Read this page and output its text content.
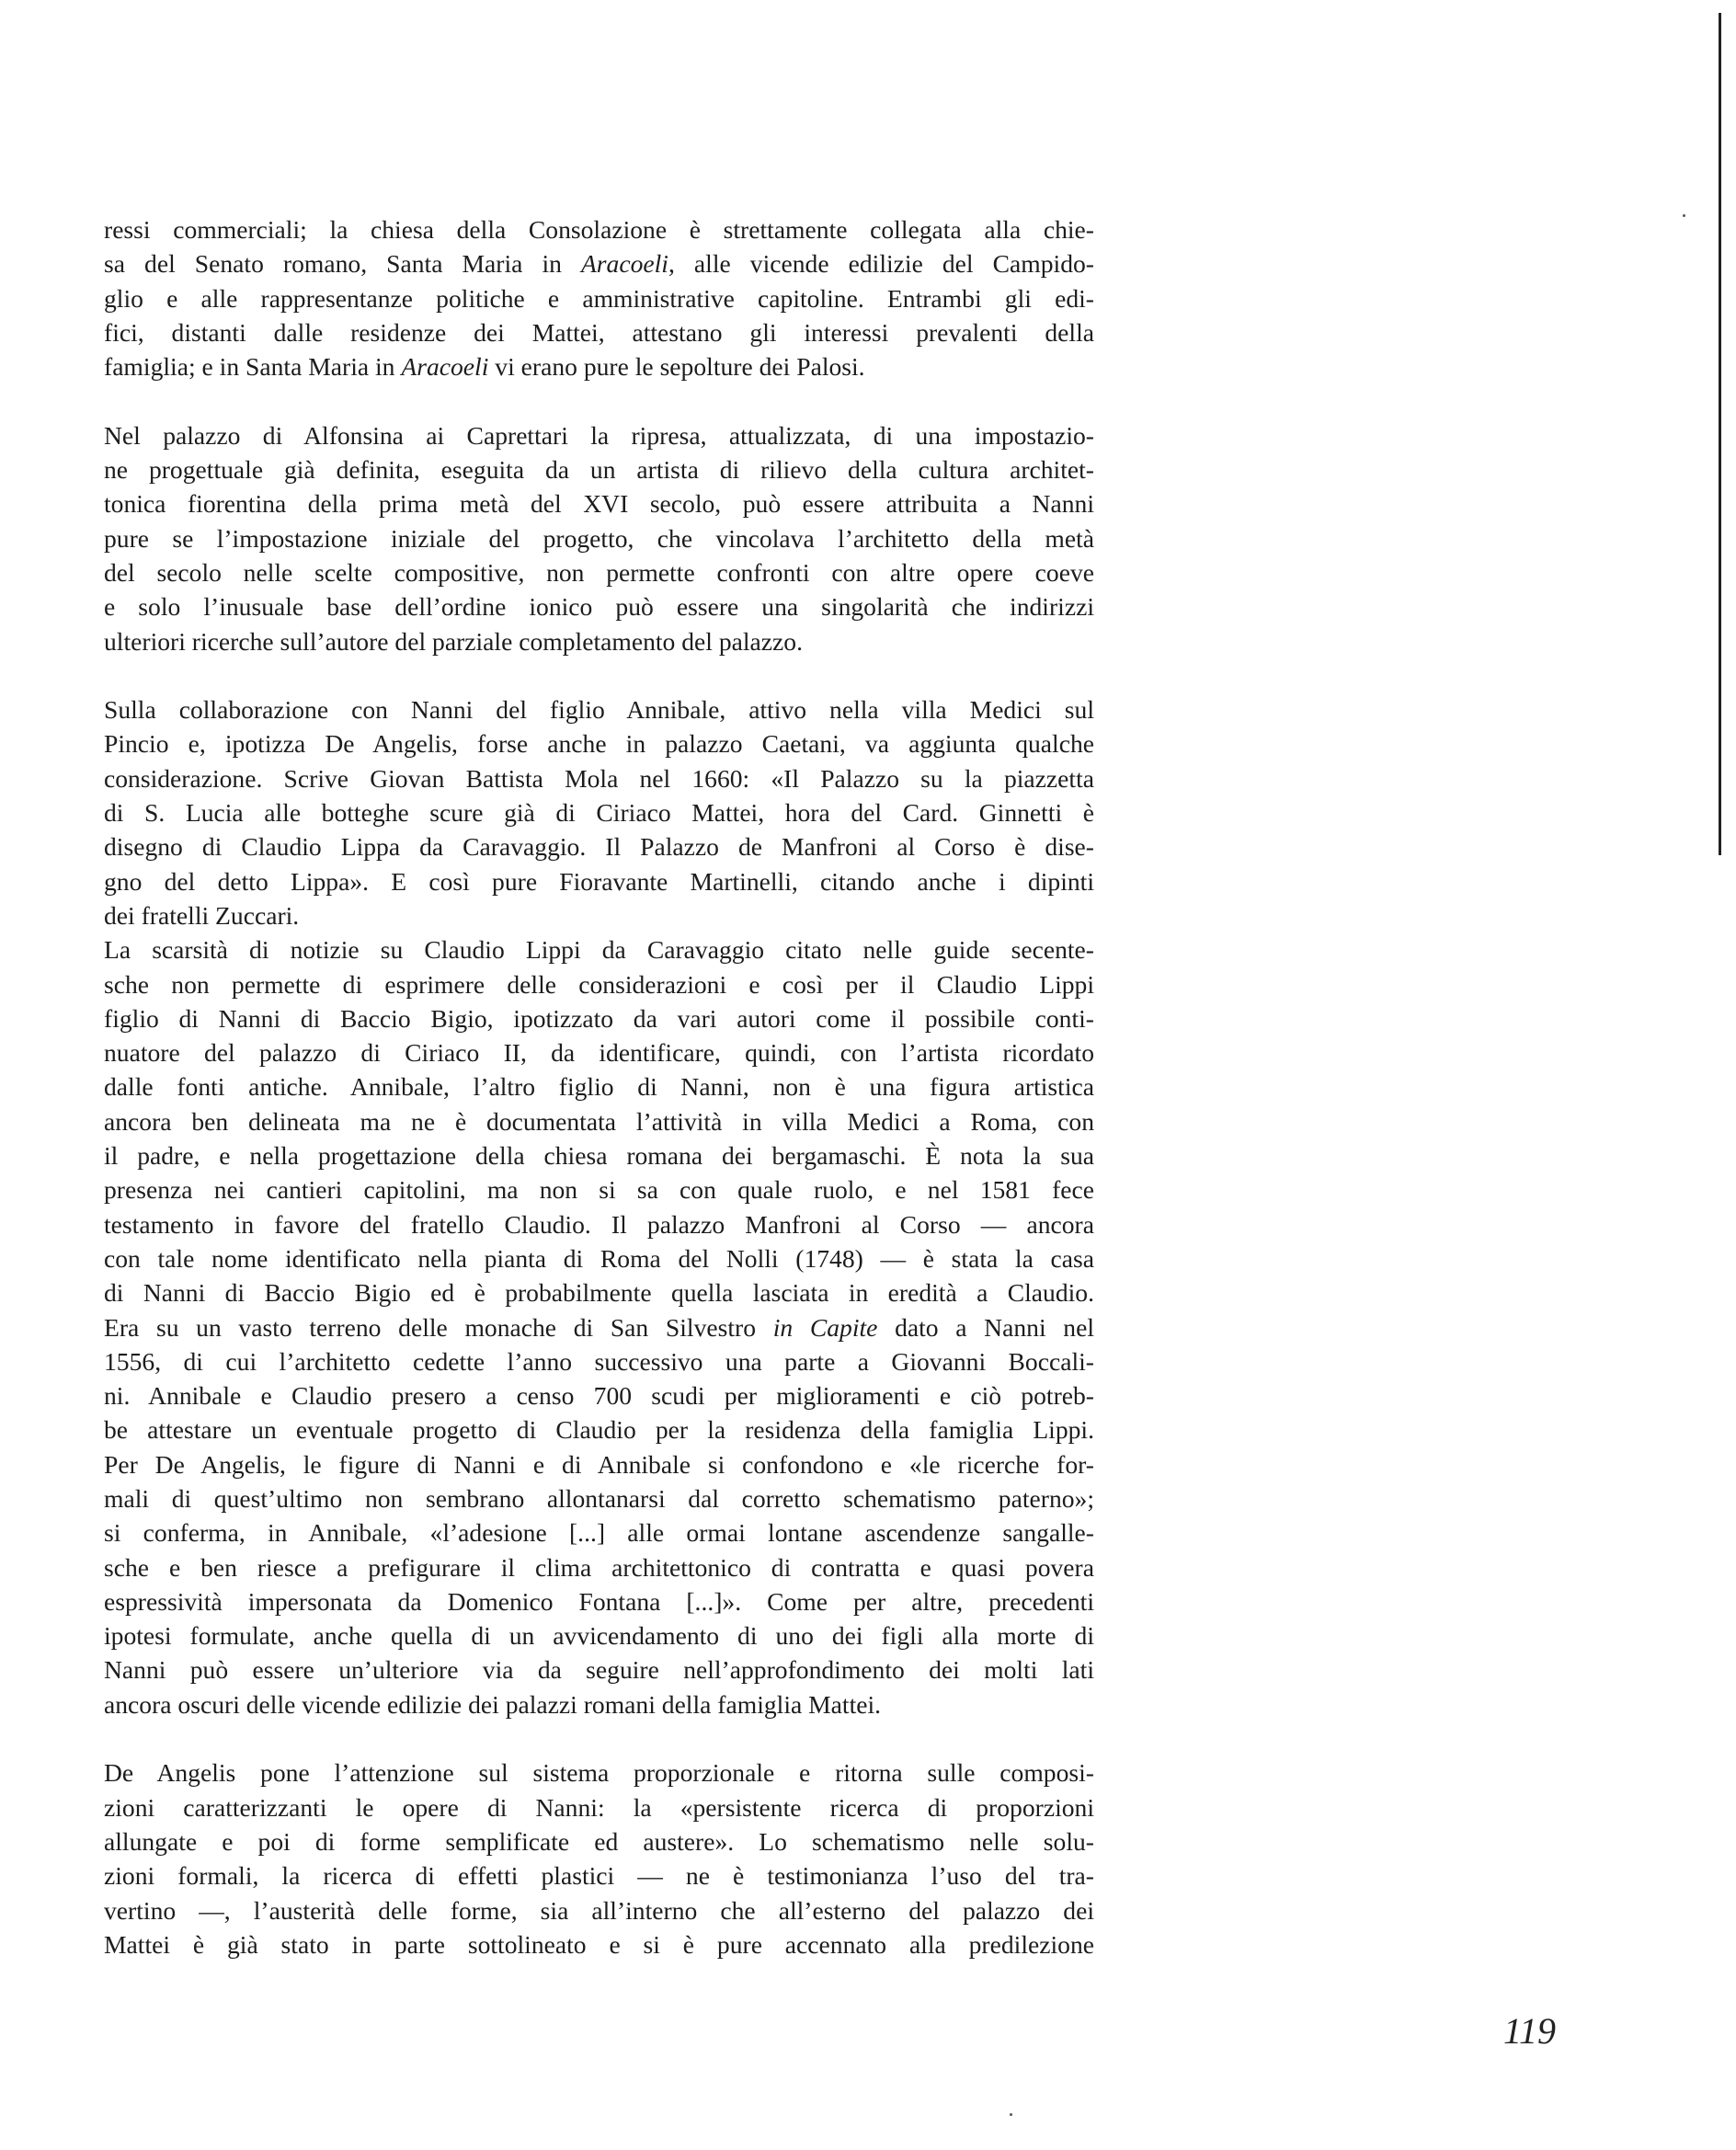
ressi commerciali; la chiesa della Consolazione è strettamente collegata alla chie-
sa del Senato romano, Santa Maria in Aracoeli, alle vicende edilizie del Campido-
glio e alle rappresentanze politiche e amministrative capitoline. Entrambi gli edi-
fici, distanti dalle residenze dei Mattei, attestano gli interessi prevalenti della
famiglia; e in Santa Maria in Aracoeli vi erano pure le sepolture dei Palosi.

Nel palazzo di Alfonsina ai Caprettari la ripresa, attualizzata, di una impostazio-
ne progettuale già definita, eseguita da un artista di rilievo della cultura architet-
tonica fiorentina della prima metà del XVI secolo, può essere attribuita a Nanni
pure se l’impostazione iniziale del progetto, che vincolava l’architetto della metà
del secolo nelle scelte compositive, non permette confronti con altre opere coeve
e solo l’inusuale base dell’ordine ionico può essere una singolarità che indirizzi
ulteriori ricerche sull’autore del parziale completamento del palazzo.

Sulla collaborazione con Nanni del figlio Annibale, attivo nella villa Medici sul
Pincio e, ipotizza De Angelis, forse anche in palazzo Caetani, va aggiunta qualche
considerazione. Scrive Giovan Battista Mola nel 1660: «Il Palazzo su la piazzetta
di S. Lucia alle botteghe scure già di Ciriaco Mattei, hora del Card. Ginnetti è
disegno di Claudio Lippa da Caravaggio. Il Palazzo de Manfroni al Corso è dise-
gno del detto Lippa». E così pure Fioravante Martinelli, citando anche i dipinti
dei fratelli Zuccari.

La scarsità di notizie su Claudio Lippi da Caravaggio citato nelle guide secente-
sche non permette di esprimere delle considerazioni e così per il Claudio Lippi
figlio di Nanni di Baccio Bigio, ipotizzato da vari autori come il possibile conti-
nuatore del palazzo di Ciriaco II, da identificare, quindi, con l’artista ricordato
dalle fonti antiche. Annibale, l’altro figlio di Nanni, non è una figura artistica
ancora ben delineata ma ne è documentata l’attività in villa Medici a Roma, con
il padre, e nella progettazione della chiesa romana dei bergamaschi. È nota la sua
presenza nei cantieri capitolini, ma non si sa con quale ruolo, e nel 1581 fece
testamento in favore del fratello Claudio. Il palazzo Manfroni al Corso — ancora
con tale nome identificato nella pianta di Roma del Nolli (1748) — è stata la casa
di Nanni di Baccio Bigio ed è probabilmente quella lasciata in eredità a Claudio.
Era su un vasto terreno delle monache di San Silvestro in Capite dato a Nanni nel
1556, di cui l’architetto cedette l’anno successivo una parte a Giovanni Boccali-
ni. Annibale e Claudio presero a censo 700 scudi per miglioramenti e ciò potreb-
be attestare un eventuale progetto di Claudio per la residenza della famiglia Lippi.
Per De Angelis, le figure di Nanni e di Annibale si confondono e «le ricerche for-
mali di quest’ultimo non sembrano allontanarsi dal corretto schematismo paterno»;
si conferma, in Annibale, «l’adesione [...] alle ormai lontane ascendenze sangalle-
sche e ben riesce a prefigurare il clima architettonico di contratta e quasi povera
espressività impersonata da Domenico Fontana [...]». Come per altre, precedenti
ipotesi formulate, anche quella di un avvicendamento di uno dei figli alla morte di
Nanni può essere un’ulteriore via da seguire nell’approfondimento dei molti lati
ancora oscuri delle vicende edilizie dei palazzi romani della famiglia Mattei.

De Angelis pone l’attenzione sul sistema proporzionale e ritorna sulle composi-
zioni caratterizzanti le opere di Nanni: la «persistente ricerca di proporzioni
allungate e poi di forme semplificate ed austere». Lo schematismo nelle solu-
zioni formali, la ricerca di effetti plastici — ne è testimonianza l’uso del tra-
vertino —, l’austerità delle forme, sia all’interno che all’esterno del palazzo dei
Mattei è già stato in parte sottolineato e si è pure accennato alla predilezione

119
